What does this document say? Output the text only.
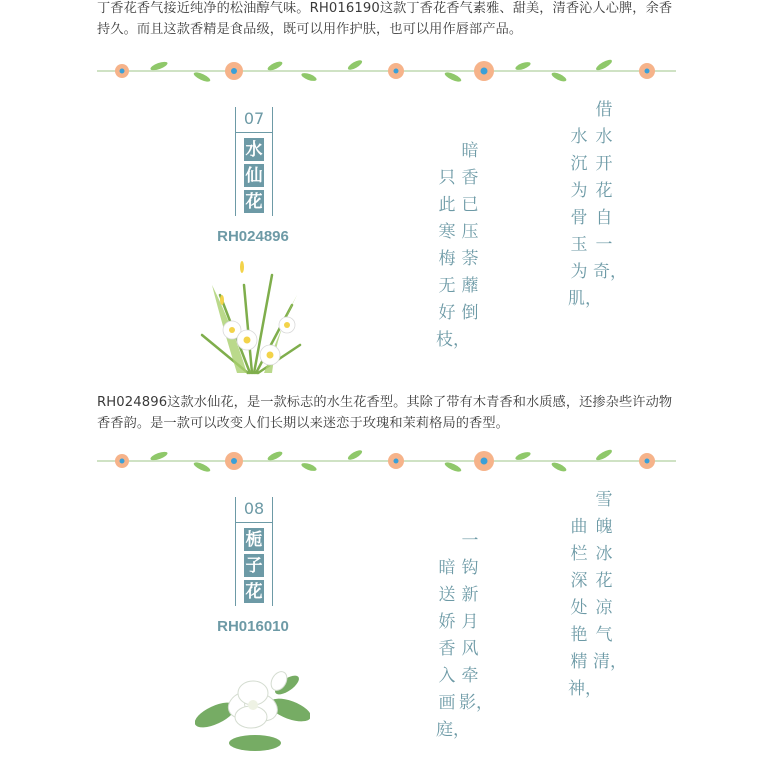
丁香花香气接近纯净的松油醇气味。RH016190这款丁香花香气素雅、甜美，清香沁人心脾，余香持久。而且这款香精是食品级，既可以用作护肤，也可以用作唇部产品。

07
水
仙
花
RH024896
借水开花自一奇，
水沉为骨玉为肌，
暗香已压荼蘼倒
只此寒梅无好枝，

RH024896这款水仙花，是一款标志的水生花香型。其除了带有木青香和水质感，还掺杂些许动物香香韵。是一款可以改变人们长期以来迷恋于玫瑰和茉莉格局的香型。

08
栀
子
花
RH016010
雪魄冰花凉气清，
曲栏深处艳精神，
一钩新月风牵影，
暗送娇香入画庭，
